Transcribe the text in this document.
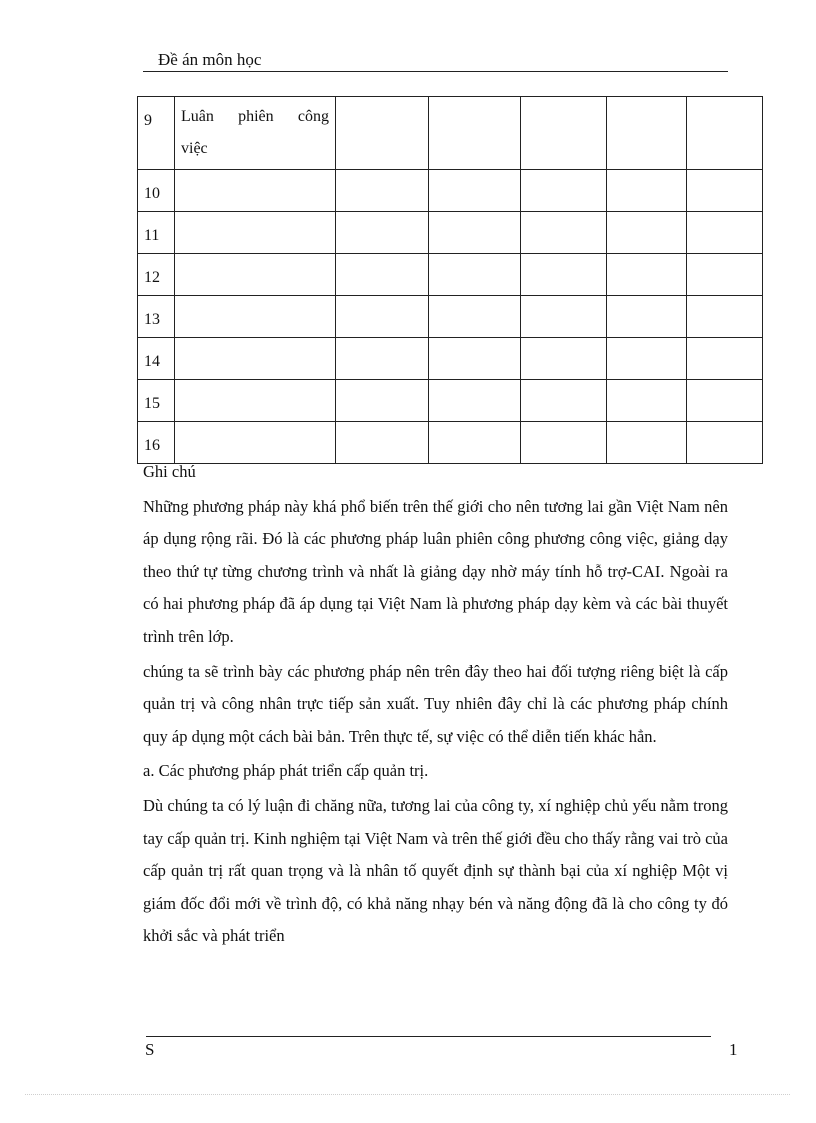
Đề án môn học
9	Luân phiên công
việc					

10						
11						
12						
13						
14						
15						
16						

Ghi chú

Những phương pháp này khá phổ biến trên thế giới cho nên tương lai gần Việt Nam nên áp dụng rộng rãi. Đó là các phương pháp luân phiên công phương công việc, giảng dạy theo thứ tự từng chương trình và nhất là giảng dạy nhờ máy tính hỗ trợ-CAI. Ngoài ra có hai phương pháp đã áp dụng tại Việt Nam là phương pháp dạy kèm và các bài thuyết trình trên lớp.

chúng ta sẽ trình bày các phương pháp nên trên đây theo hai đối tượng riêng biệt là cấp quản trị và công nhân trực tiếp sản xuất. Tuy nhiên đây chỉ là các phương pháp chính quy áp dụng một cách bài bản. Trên thực tế, sự việc có thể diễn tiến khác hẳn.

a. Các phương pháp phát triển cấp quản trị.

Dù chúng ta có lý luận đi chăng nữa, tương lai của công ty, xí nghiệp chủ yếu nằm trong tay cấp quản trị. Kinh nghiệm tại Việt Nam và trên thế giới đều cho thấy rằng vai trò của cấp quản trị rất quan trọng và là nhân tố quyết định sự thành bại của xí nghiệp Một vị giám đốc đổi mới về trình độ, có khả năng nhạy bén và năng động đã là cho công ty đó khởi sắc và phát triển

S	1
